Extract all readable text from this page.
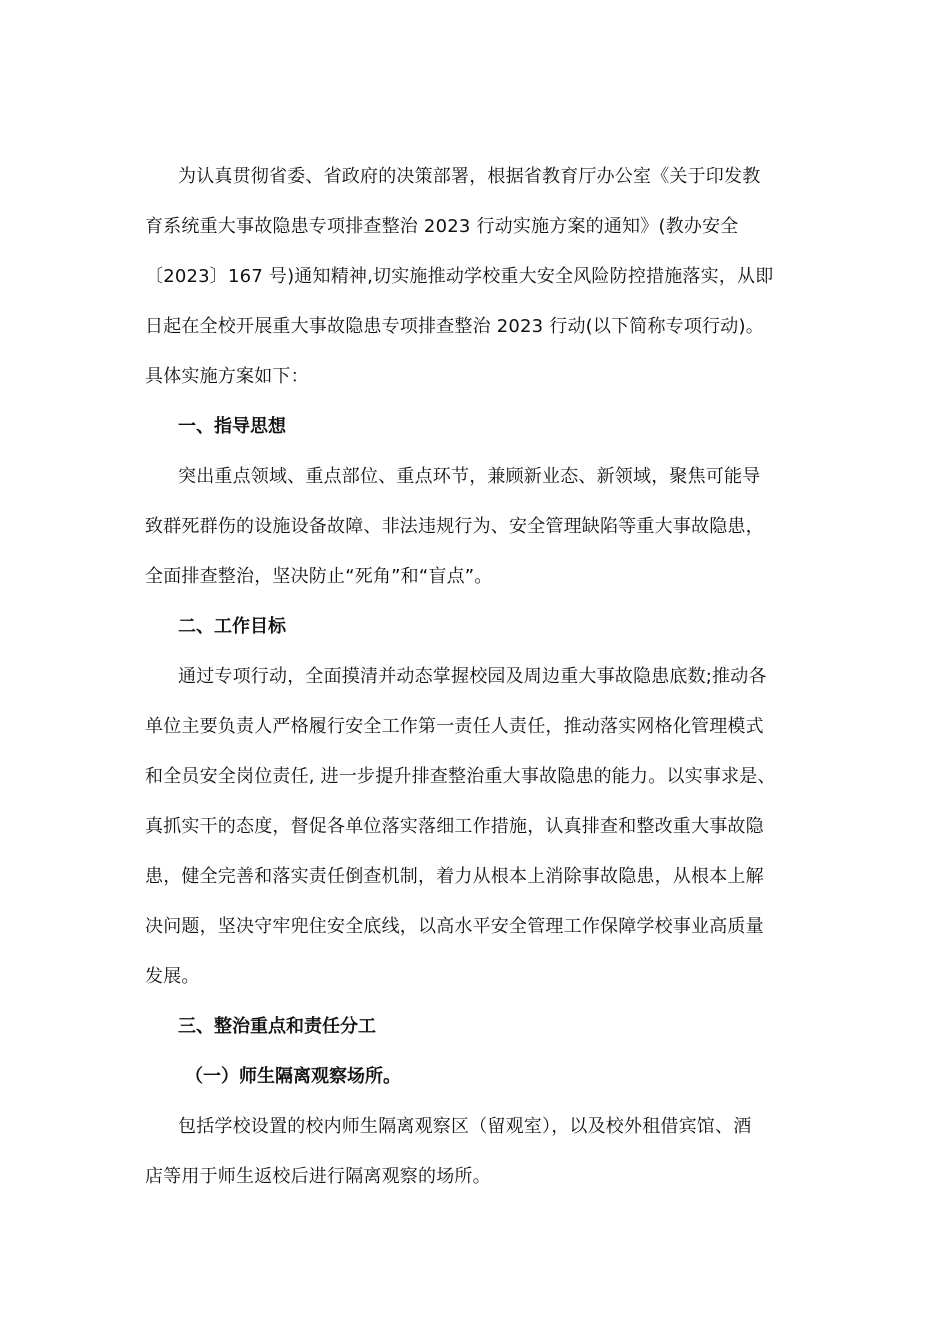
为认真贯彻省委、省政府的决策部署，根据省教育厅办公室《关于印发教
育系统重大事故隐患专项排查整治 2023 行动实施方案的通知》(教办安全
〔2023〕167 号)通知精神,切实施推动学校重大安全风险防控措施落实，从即
日起在全校开展重大事故隐患专项排查整治 2023 行动(以下简称专项行动)。
具体实施方案如下：

一、指导思想

突出重点领域、重点部位、重点环节，兼顾新业态、新领域，聚焦可能导
致群死群伤的设施设备故障、非法违规行为、安全管理缺陷等重大事故隐患，
全面排查整治，坚决防止“死角”和“盲点”。

二、工作目标

通过专项行动，全面摸清并动态掌握校园及周边重大事故隐患底数;推动各
单位主要负责人严格履行安全工作第一责任人责任，推动落实网格化管理模式
和全员安全岗位责任, 进一步提升排查整治重大事故隐患的能力。以实事求是、
真抓实干的态度，督促各单位落实落细工作措施，认真排查和整改重大事故隐
患，健全完善和落实责任倒查机制，着力从根本上消除事故隐患，从根本上解
决问题，坚决守牢兜住安全底线，以高水平安全管理工作保障学校事业高质量
发展。

三、整治重点和责任分工

（一）师生隔离观察场所。

包括学校设置的校内师生隔离观察区（留观室），以及校外租借宾馆、酒
店等用于师生返校后进行隔离观察的场所。
